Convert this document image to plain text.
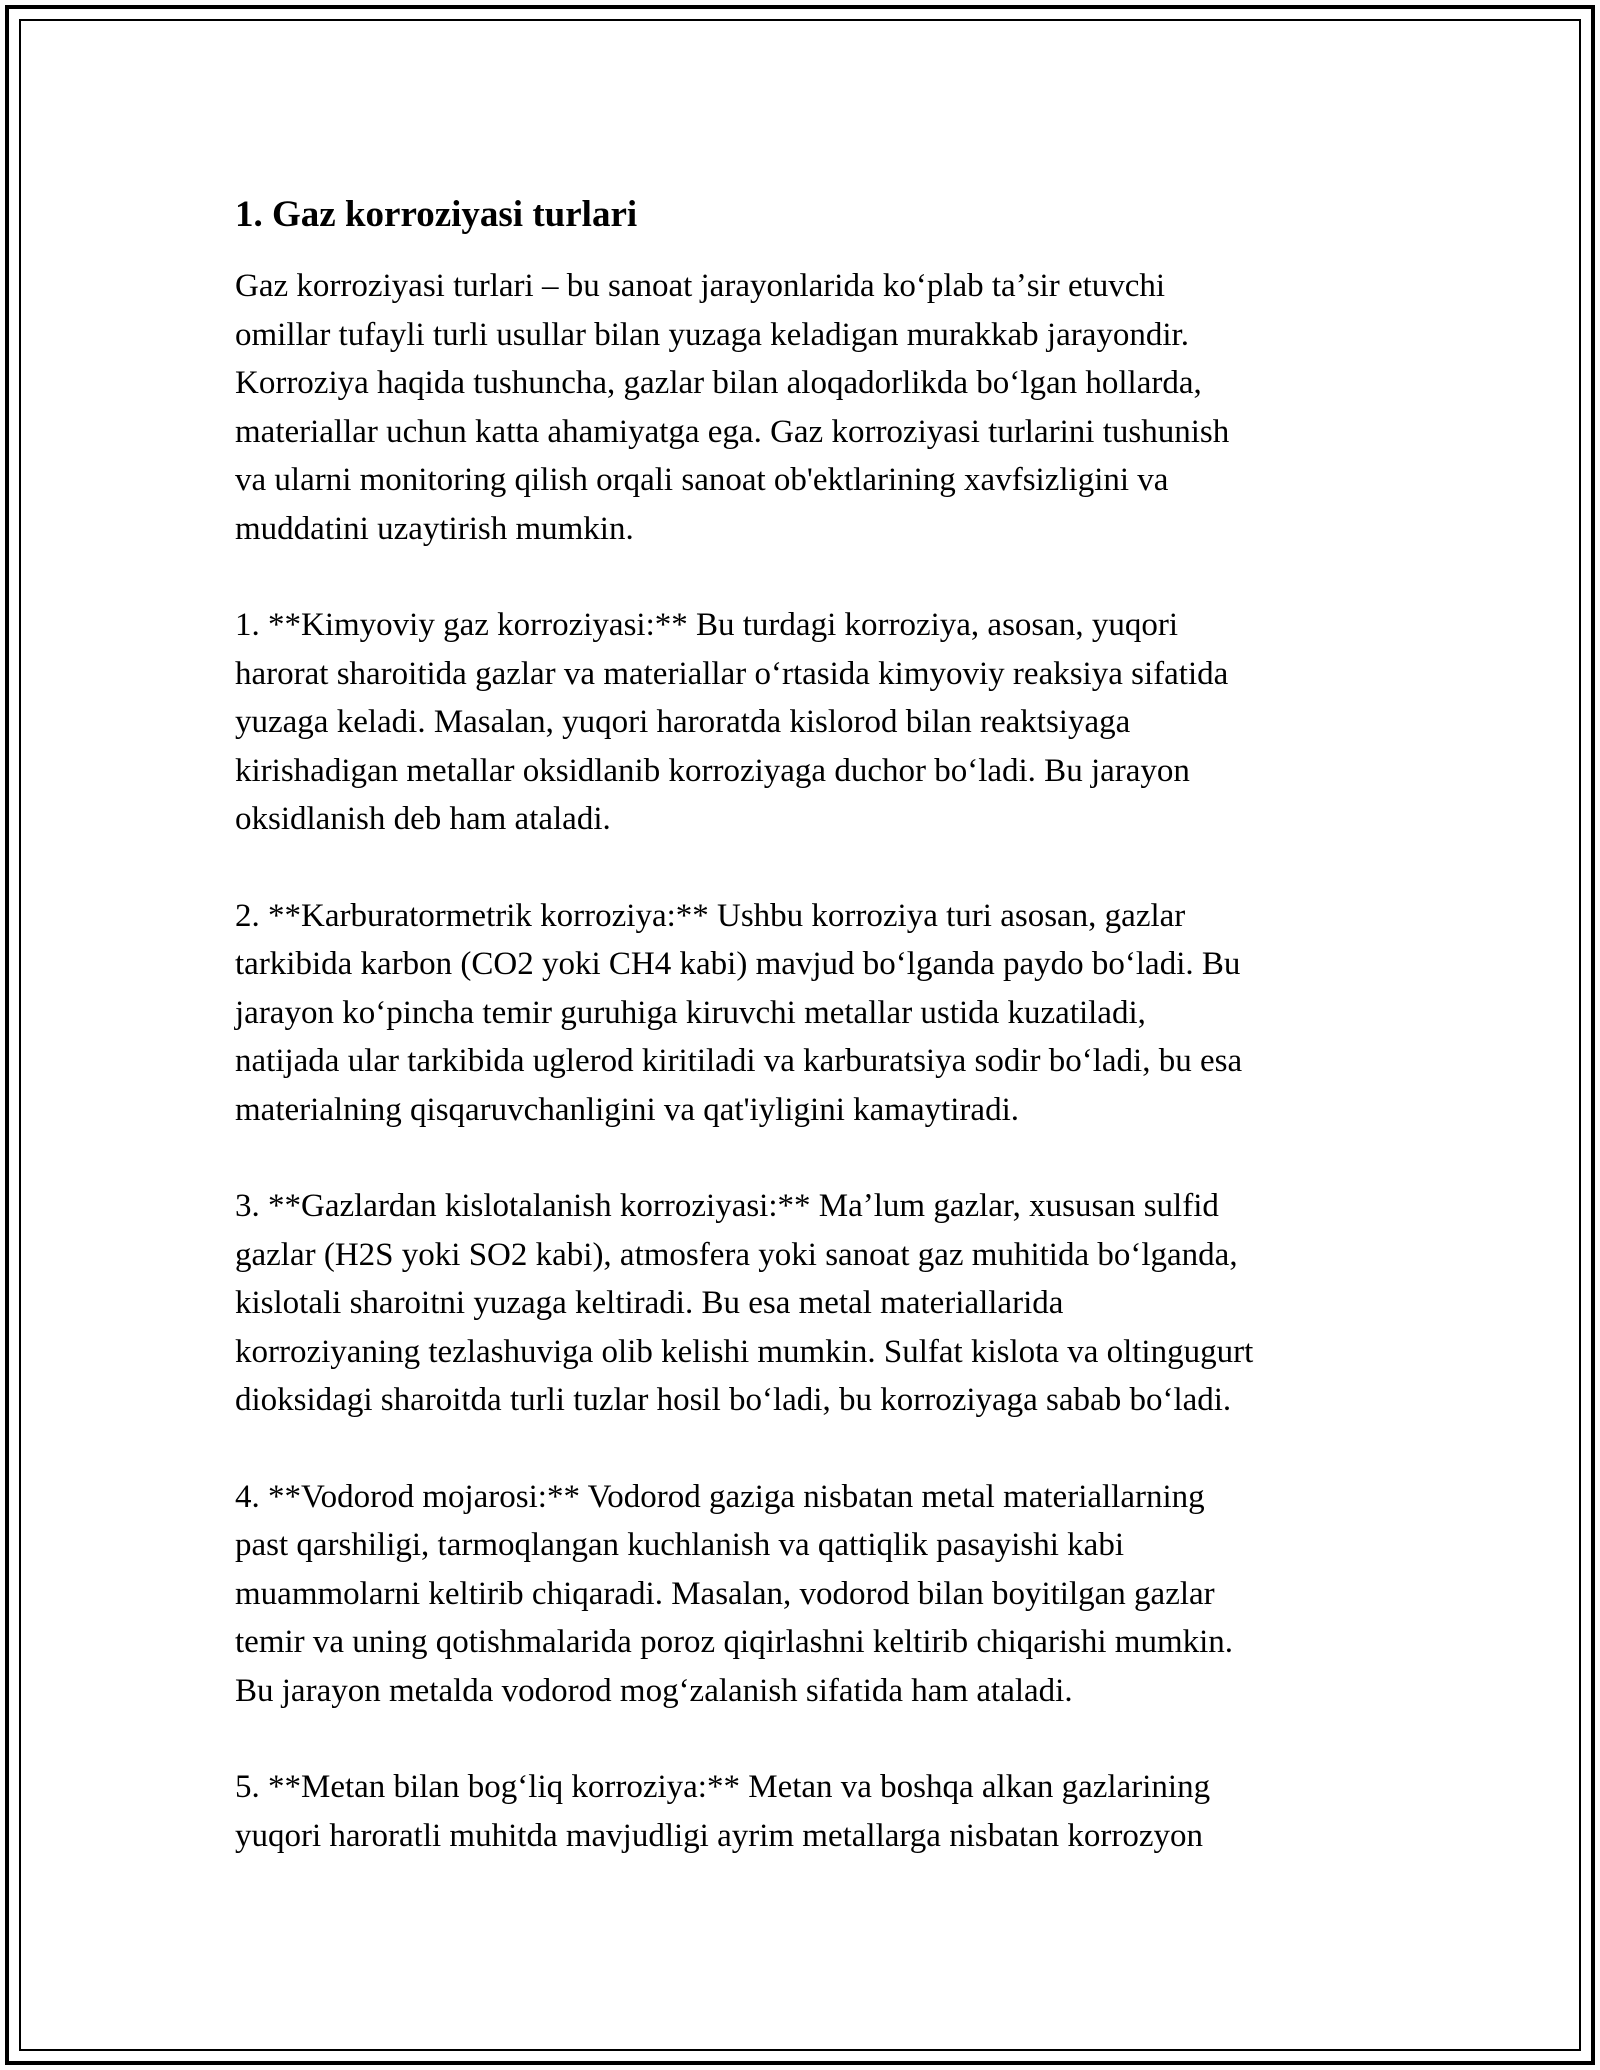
1. Gaz korroziyasi turlari

Gaz korroziyasi turlari – bu sanoat jarayonlarida koʻplab taʼsir etuvchi
omillar tufayli turli usullar bilan yuzaga keladigan murakkab jarayondir.
Korroziya haqida tushuncha, gazlar bilan aloqadorlikda boʻlgan hollarda,
materiallar uchun katta ahamiyatga ega. Gaz korroziyasi turlarini tushunish
va ularni monitoring qilish orqali sanoat ob'ektlarining xavfsizligini va
muddatini uzaytirish mumkin.

1. **Kimyoviy gaz korroziyasi:** Bu turdagi korroziya, asosan, yuqori
harorat sharoitida gazlar va materiallar oʻrtasida kimyoviy reaksiya sifatida
yuzaga keladi. Masalan, yuqori haroratda kislorod bilan reaktsiyaga
kirishadigan metallar oksidlanib korroziyaga duchor boʻladi. Bu jarayon
oksidlanish deb ham ataladi.

2. **Karburatormetrik korroziya:** Ushbu korroziya turi asosan, gazlar
tarkibida karbon (CO2 yoki CH4 kabi) mavjud boʻlganda paydo boʻladi. Bu
jarayon koʻpincha temir guruhiga kiruvchi metallar ustida kuzatiladi,
natijada ular tarkibida uglerod kiritiladi va karburatsiya sodir boʻladi, bu esa
materialning qisqaruvchanligini va qat'iyligini kamaytiradi.

3. **Gazlardan kislotalanish korroziyasi:** Maʼlum gazlar, xususan sulfid
gazlar (H2S yoki SO2 kabi), atmosfera yoki sanoat gaz muhitida boʻlganda,
kislotali sharoitni yuzaga keltiradi. Bu esa metal materiallarida
korroziyaning tezlashuviga olib kelishi mumkin. Sulfat kislota va oltingugurt
dioksidagi sharoitda turli tuzlar hosil boʻladi, bu korroziyaga sabab boʻladi.

4. **Vodorod mojarosi:** Vodorod gaziga nisbatan metal materiallarning
past qarshiligi, tarmoqlangan kuchlanish va qattiqlik pasayishi kabi
muammolarni keltirib chiqaradi. Masalan, vodorod bilan boyitilgan gazlar
temir va uning qotishmalarida poroz qiqirlashni keltirib chiqarishi mumkin.
Bu jarayon metalda vodorod mogʻzalanish sifatida ham ataladi.

5. **Metan bilan bogʻliq korroziya:** Metan va boshqa alkan gazlarining
yuqori haroratli muhitda mavjudligi ayrim metallarga nisbatan korrozyon
